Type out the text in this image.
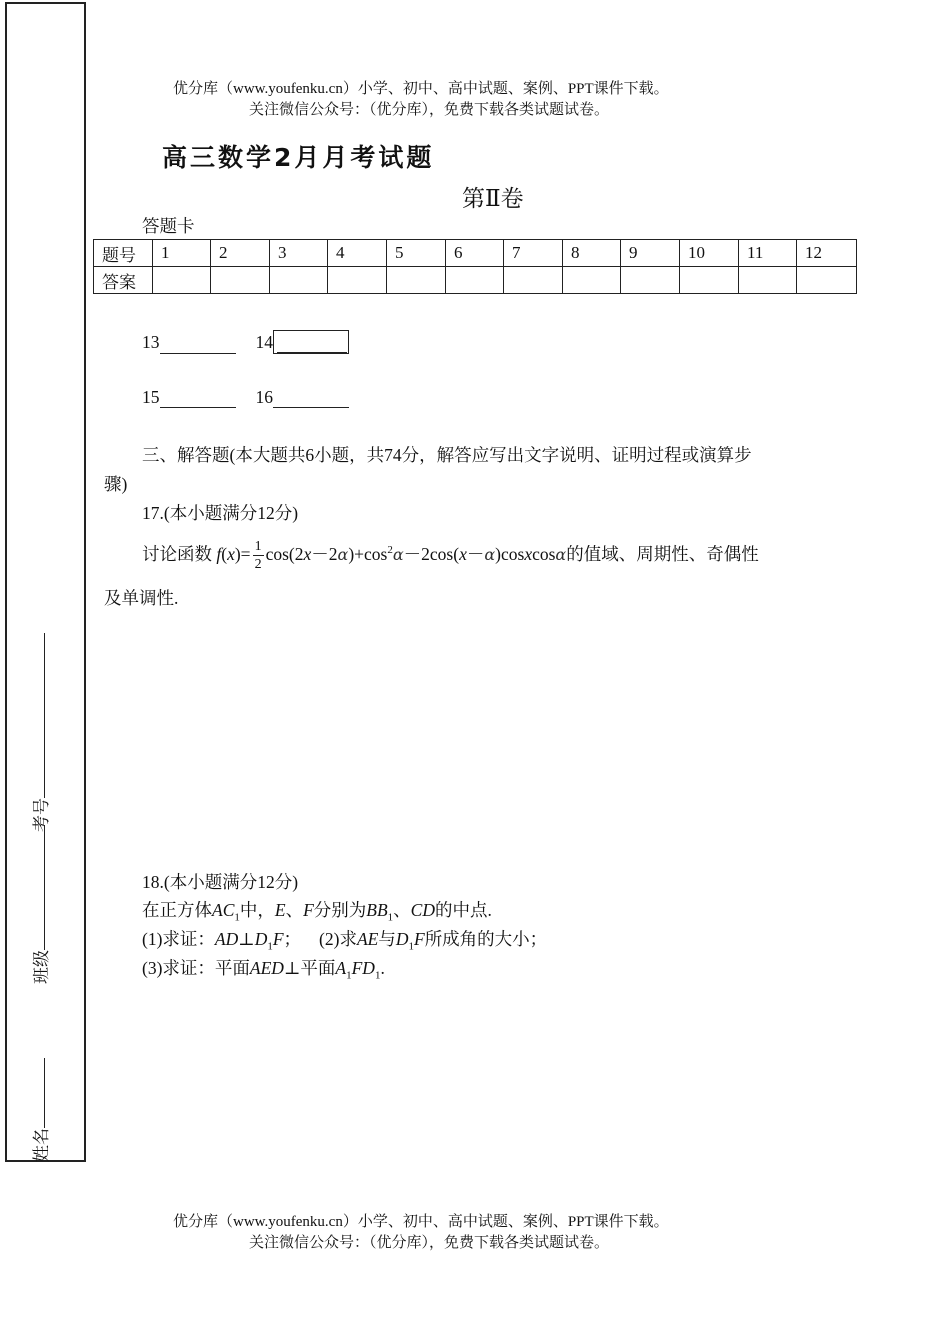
优分库（www.youfenku.cn）小学、初中、高中试题、案例、PPT课件下载。
关注微信公众号：（优分库），免费下载各类试题试卷。
考号
班级
姓名
高三数学2月月考试题
第Ⅱ卷
答题卡
题号	1	2	3	4	5	6	7	8	9	10	11	12
答案												
13	14
15	16
三、解答题(本大题共6小题，共74分，解答应写出文字说明、证明过程或演算步
骤)
17.(本小题满分12分)
讨论函数 $f(x)= \frac{1}{2}$ $\cos(2x-2\alpha)+\cos^2\alpha-2\cos(x-\alpha)cosxcos\alpha$的值域、周期性、奇偶性
及单调性.
18.(本小题满分12分)
在正方体$AC_1$中，E、F分别为$BB_1$、CD的中点.
(1)求证：$AD\perp D_1F$； (2)求AE与$D_1F$所成角的大小；
(3)求证：平面AED⊥平面$A_1FD_1$.
优分库（www.youfenku.cn）小学、初中、高中试题、案例、PPT课件下载。
关注微信公众号：（优分库），免费下载各类试题试卷。
